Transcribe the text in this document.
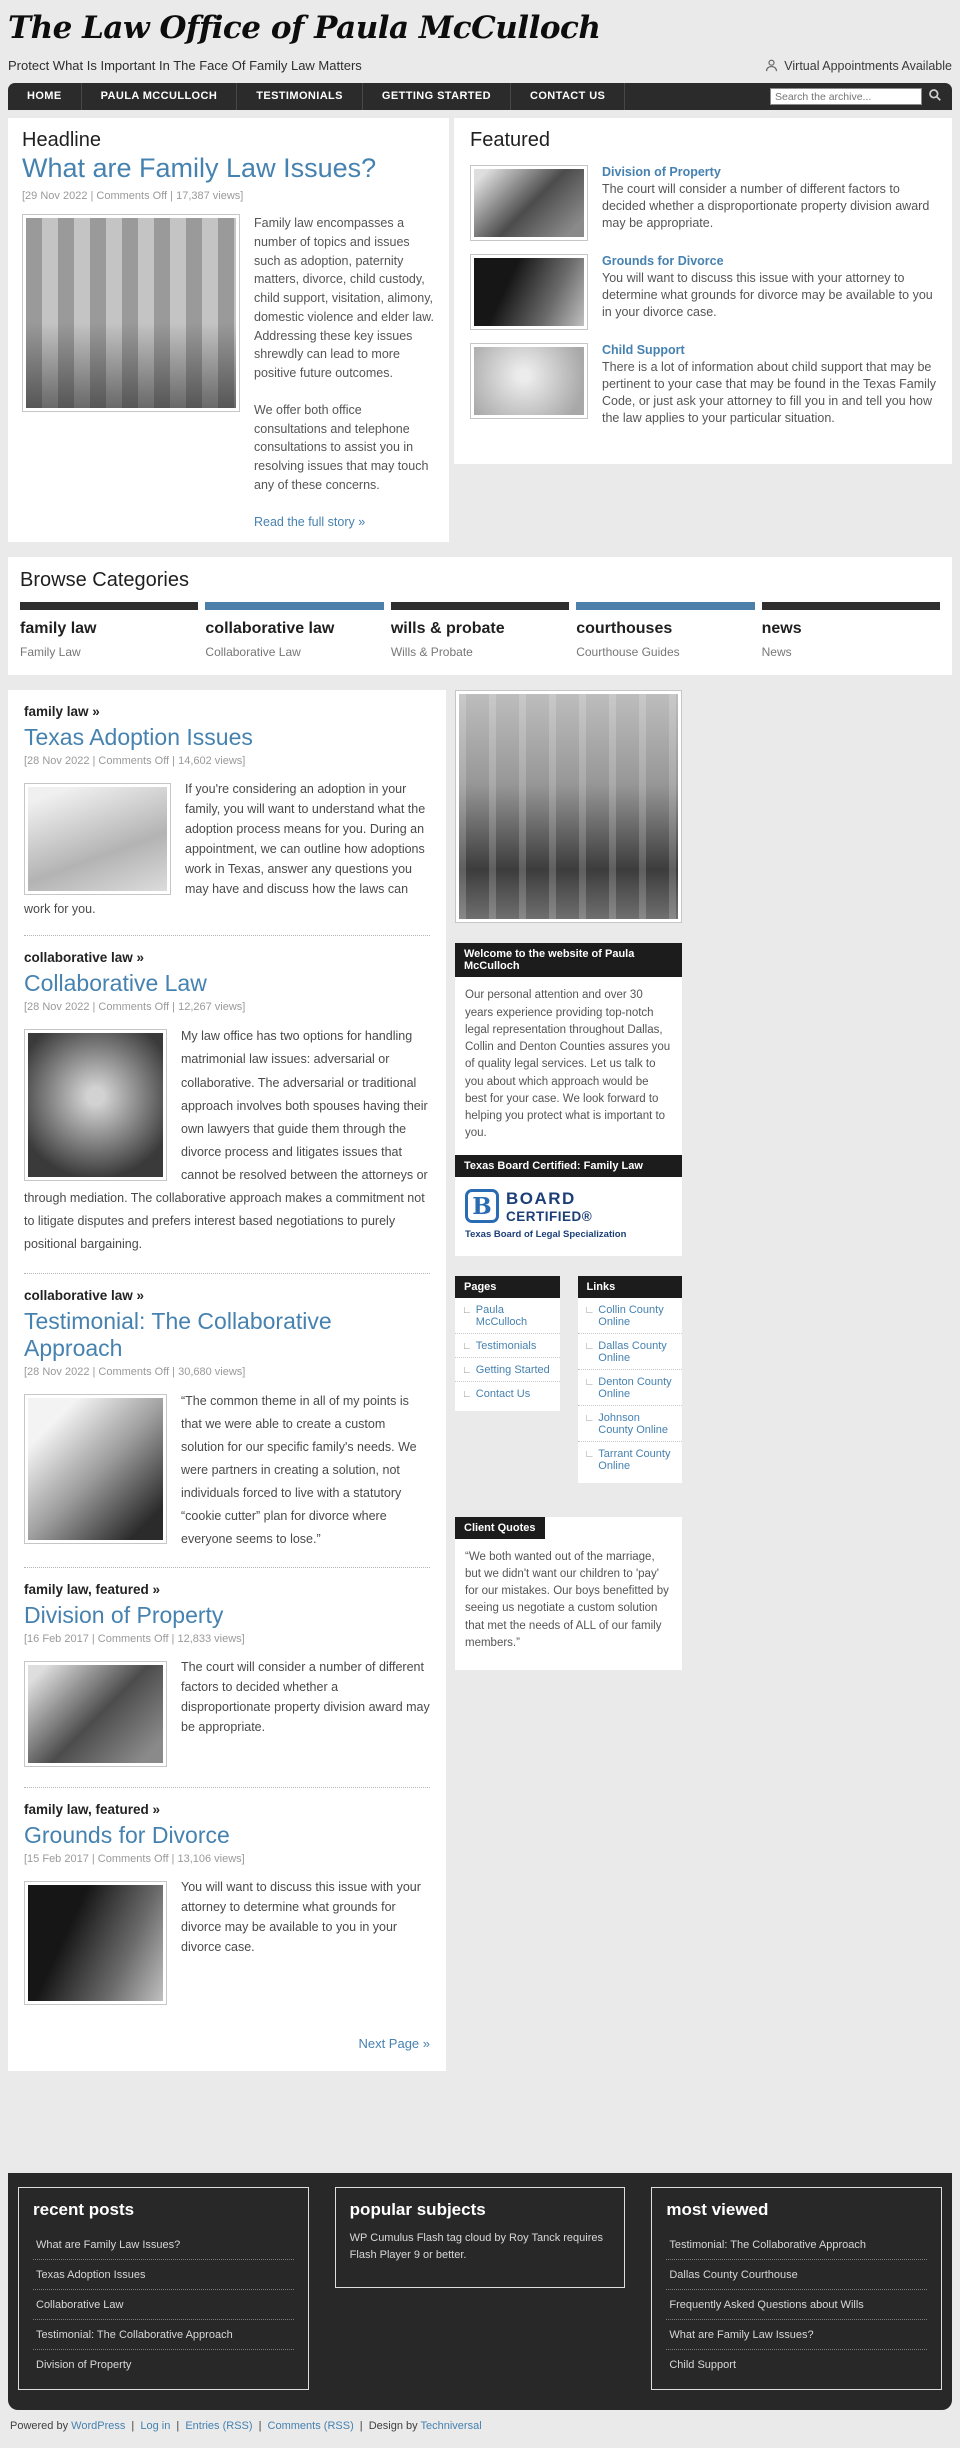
The Law Office of Paula McCulloch
Protect What Is Important In The Face Of Family Law Matters	Virtual Appointments Available
HOME	PAULA MCCULLOCH	TESTIMONIALS	GETTING STARTED	CONTACT US
Search the archive...
Headline
What are Family Law Issues?
[29 Nov 2022 | Comments Off | 17,387 views]

Family law encompasses a number of topics and issues such as adoption, paternity matters, divorce, child custody, child support, visitation, alimony, domestic violence and elder law. Addressing these key issues shrewdly can lead to more positive future outcomes.

We offer both office consultations and telephone consultations to assist you in resolving issues that may touch any of these concerns.

Read the full story »
Featured
Division of Property

The court will consider a number of different factors to decided whether a disproportionate property division award may be appropriate.

Grounds for Divorce

You will want to discuss this issue with your attorney to determine what grounds for divorce may be available to you in your divorce case.

Child Support

There is a lot of information about child support that may be pertinent to your case that may be found in the Texas Family Code, or just ask your attorney to fill you in and tell you how the law applies to your particular situation.

Browse Categories
family law
Family Law
collaborative law
Collaborative Law
wills & probate
Wills & Probate
courthouses
Courthouse Guides
news
News
family law »
Texas Adoption Issues
[28 Nov 2022 | Comments Off | 14,602 views]

If you're considering an adoption in your family, you will want to understand what the adoption process means for you. During an appointment, we can outline how adoptions work in Texas, answer any questions you may have and discuss how the laws can work for you.

collaborative law »
Collaborative Law
[28 Nov 2022 | Comments Off | 12,267 views]

My law office has two options for handling matrimonial law issues: adversarial or collaborative. The adversarial or traditional approach involves both spouses having their own lawyers that guide them through the divorce process and litigates issues that cannot be resolved between the attorneys or through mediation. The collaborative approach makes a commitment not to litigate disputes and prefers interest based negotiations to purely positional bargaining.

collaborative law »
Testimonial: The Collaborative Approach
[28 Nov 2022 | Comments Off | 30,680 views]

“The common theme in all of my points is that we were able to create a custom solution for our specific family's needs. We were partners in creating a solution, not individuals forced to live with a statutory “cookie cutter” plan for divorce where everyone seems to lose.”

family law, featured »
Division of Property
[16 Feb 2017 | Comments Off | 12,833 views]

The court will consider a number of different factors to decided whether a disproportionate property division award may be appropriate.

family law, featured »
Grounds for Divorce
[15 Feb 2017 | Comments Off | 13,106 views]

You will want to discuss this issue with your attorney to determine what grounds for divorce may be available to you in your divorce case.

Next Page »
Welcome to the website of Paula McCulloch

Our personal attention and over 30 years experience providing top-notch legal representation throughout Dallas, Collin and Denton Counties assures you of quality legal services. Let us talk to you about which approach would be best for your case. We look forward to helping you protect what is important to you.

Texas Board Certified: Family Law
B BOARD
CERTIFIED®
Texas Board of Legal Specialization
Pages
∟ Paula McCulloch
∟ Testimonials
∟ Getting Started
∟ Contact Us
Links
∟ Collin County Online
∟ Dallas County Online
∟ Denton County Online
∟ Johnson County Online
∟ Tarrant County Online
Client Quotes

“We both wanted out of the marriage, but we didn't want our children to 'pay' for our mistakes. Our boys benefitted by seeing us negotiate a custom solution that met the needs of ALL of our family members.”

recent posts
What are Family Law Issues?
Texas Adoption Issues
Collaborative Law
Testimonial: The Collaborative Approach
Division of Property
popular subjects

WP Cumulus Flash tag cloud by Roy Tanck requires Flash Player 9 or better.

most viewed
Testimonial: The Collaborative Approach
Dallas County Courthouse
Frequently Asked Questions about Wills
What are Family Law Issues?
Child Support
Powered by WordPress | Log in | Entries (RSS) | Comments (RSS) | Design by Techniversal
